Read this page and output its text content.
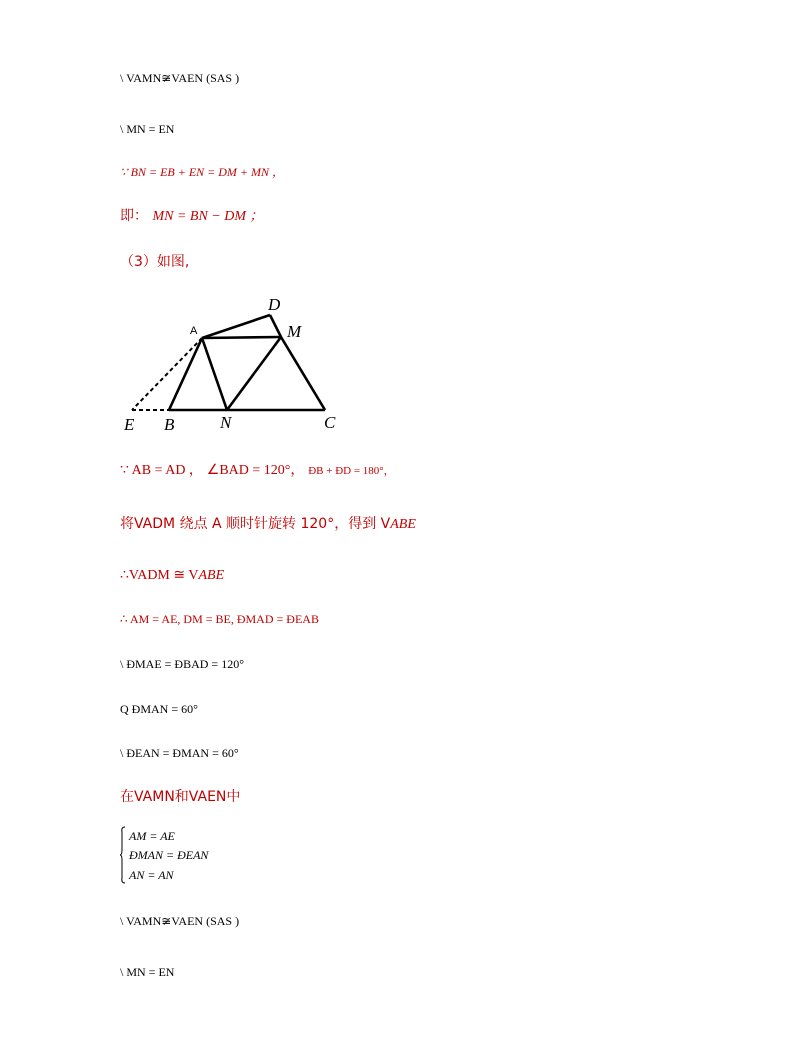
\ VAMN≆VAEN (SAS )
\ MN = EN
∵ BN = EB + EN = DM + MN ，
即： MN = BN − DM ；
（3）如图,
A
D
M
E B	N	C
∵ AB = AD ， ∠BAD = 120°， ÐB + ÐD = 180°，
将VADM 绕点 A 顺时针旋转 120°，得到 VABE
∴VADM ≅ VABE
∴ AM = AE, DM = BE, ÐMAD = ÐEAB
\ ÐMAE = ÐBAD = 120°
Q ÐMAN = 60°
\ ÐEAN = ÐMAN = 60°
在VAMN和VAEN中
AM = AE
ÐMAN = ÐEAN
AN = AN
\ VAMN≆VAEN (SAS )
\ MN = EN
